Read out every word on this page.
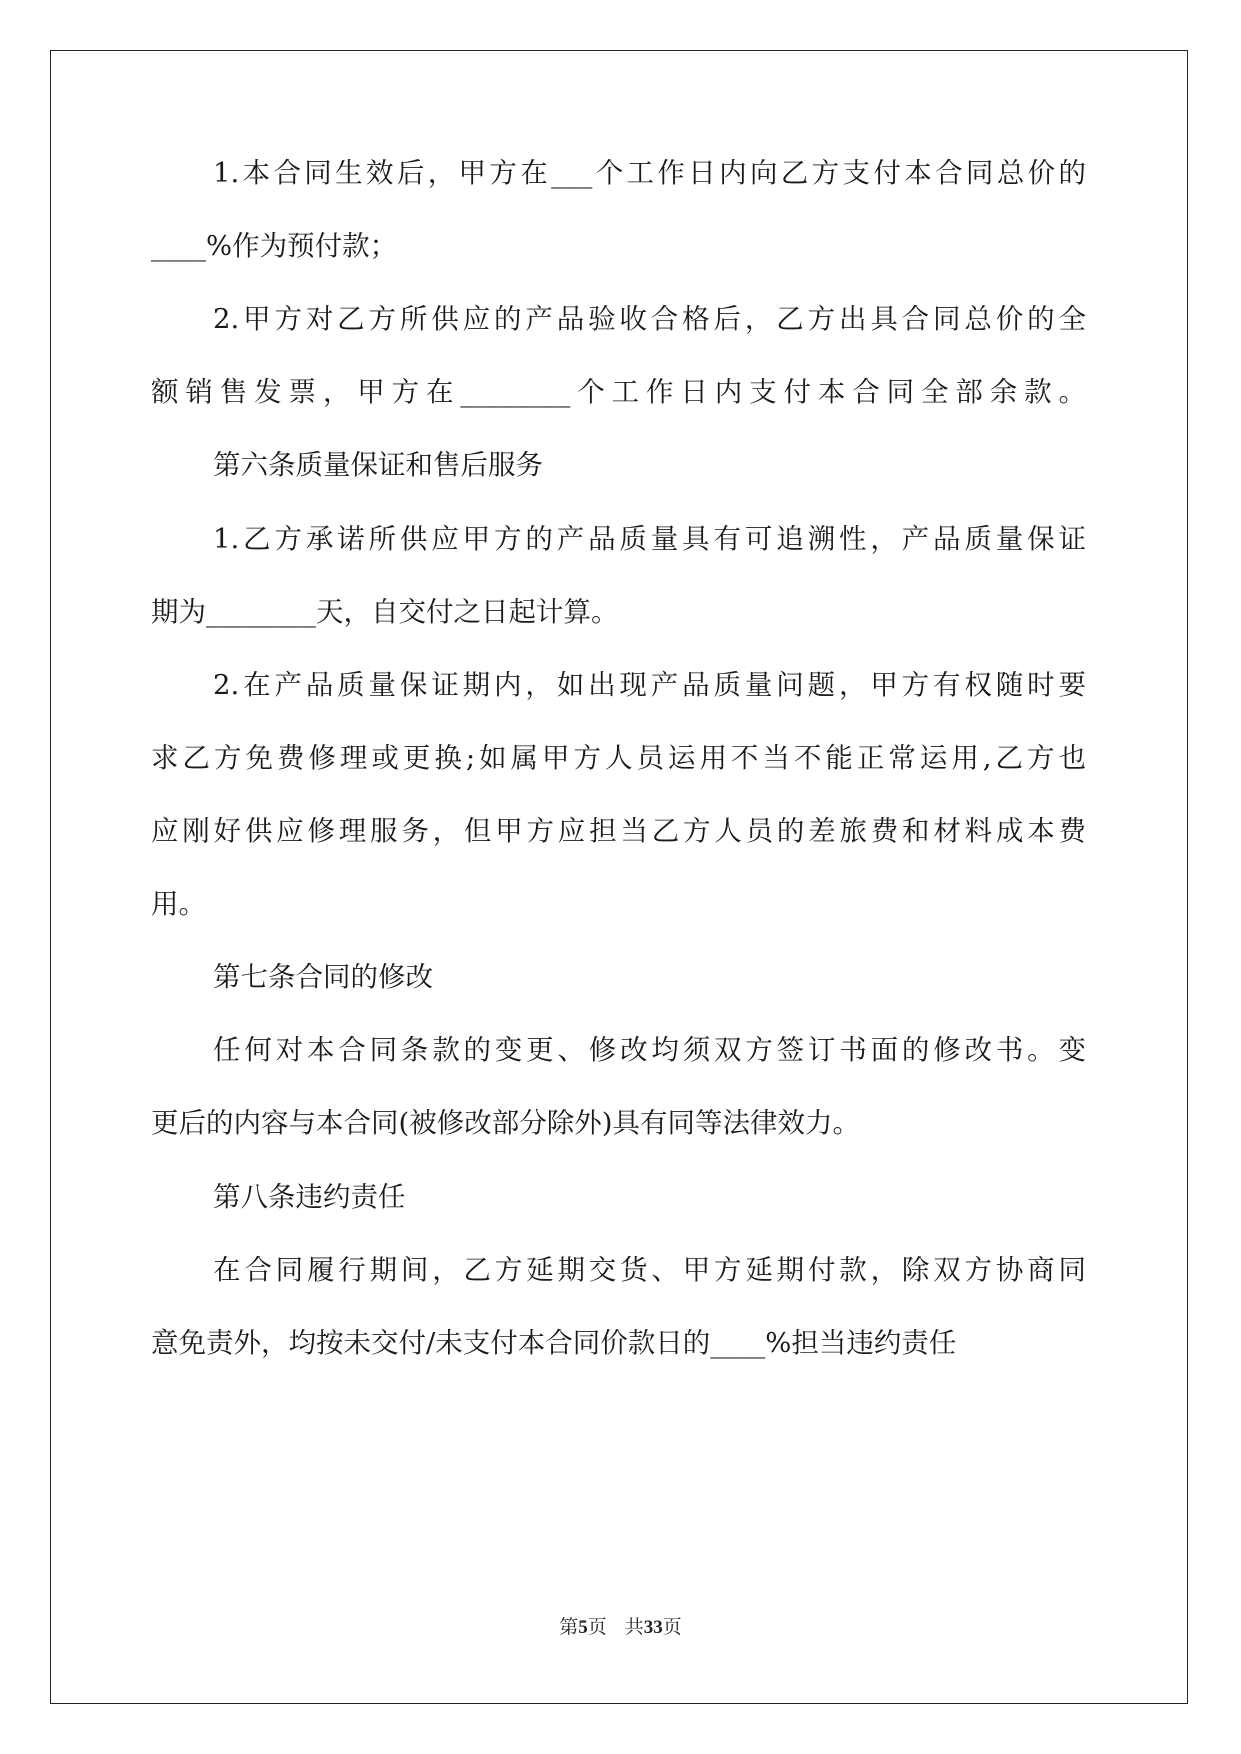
1.本合同生效后，甲方在___个工作日内向乙方支付本合同总价的
____%作为预付款；
2.甲方对乙方所供应的产品验收合格后，乙方出具合同总价的全
额销售发票，甲方在________个工作日内支付本合同全部余款。
第六条质量保证和售后服务
1.乙方承诺所供应甲方的产品质量具有可追溯性，产品质量保证
期为________天，自交付之日起计算。
2.在产品质量保证期内，如出现产品质量问题，甲方有权随时要
求乙方免费修理或更换;如属甲方人员运用不当不能正常运用,乙方也
应刚好供应修理服务，但甲方应担当乙方人员的差旅费和材料成本费
用。
第七条合同的修改
任何对本合同条款的变更、修改均须双方签订书面的修改书。变
更后的内容与本合同(被修改部分除外)具有同等法律效力。
第八条违约责任
在合同履行期间，乙方延期交货、甲方延期付款，除双方协商同
意免责外，均按未交付/未支付本合同价款日的____%担当违约责任
第5页 共33页
